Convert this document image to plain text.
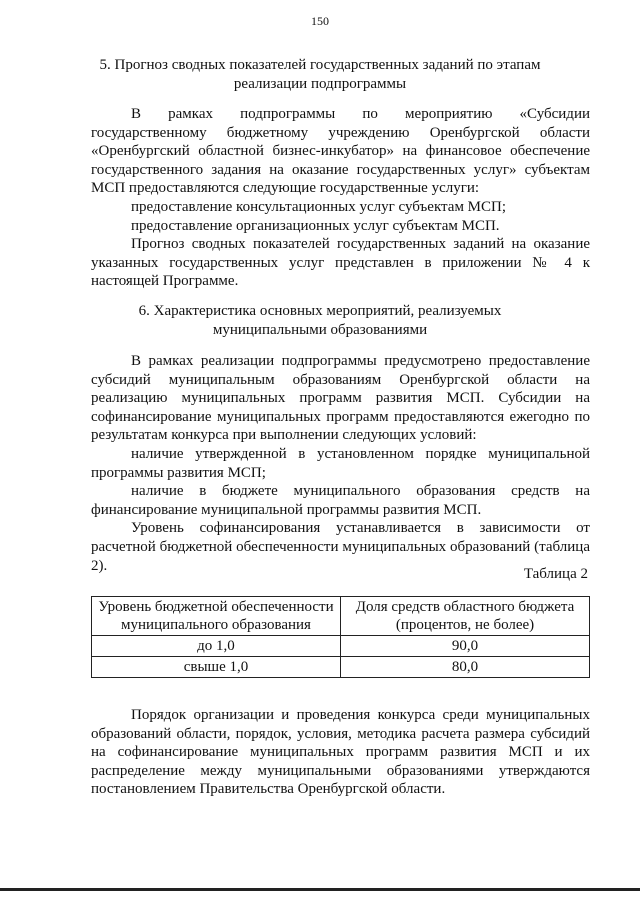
150
5. Прогноз сводных показателей государственных заданий по этапам
реализации подпрограммы

В рамках подпрограммы по мероприятию «Субсидии государственному бюджетному учреждению Оренбургской области «Оренбургский областной бизнес-инкубатор» на финансовое обеспечение государственного задания на оказание государственных услуг» субъектам МСП предоставляются следующие государственные услуги:

предоставление консультационных услуг субъектам МСП;

предоставление организационных услуг субъектам МСП.

Прогноз сводных показателей государственных заданий на оказание указанных государственных услуг представлен в приложении № 4 к настоящей Программе.

6. Характеристика основных мероприятий, реализуемых
муниципальными образованиями

В рамках реализации подпрограммы предусмотрено предоставление субсидий муниципальным образованиям Оренбургской области на реализацию муниципальных программ развития МСП. Субсидии на софинансирование муниципальных программ предоставляются ежегодно по результатам конкурса при выполнении следующих условий:

наличие утвержденной в установленном порядке муниципальной программы развития МСП;

наличие в бюджете муниципального образования средств на финансирование муниципальной программы развития МСП.

Уровень софинансирования устанавливается в зависимости от расчетной бюджетной обеспеченности муниципальных образований (таблица 2).

Таблица 2
Уровень бюджетной обеспеченности муниципального образования	Доля средств областного бюджета (процентов, не более)
до 1,0	90,0
свыше 1,0	80,0

Порядок организации и проведения конкурса среди муниципальных образований области, порядок, условия, методика расчета размера субсидий на софинансирование муниципальных программ развития МСП и их распределение между муниципальными образованиями утверждаются постановлением Правительства Оренбургской области.
